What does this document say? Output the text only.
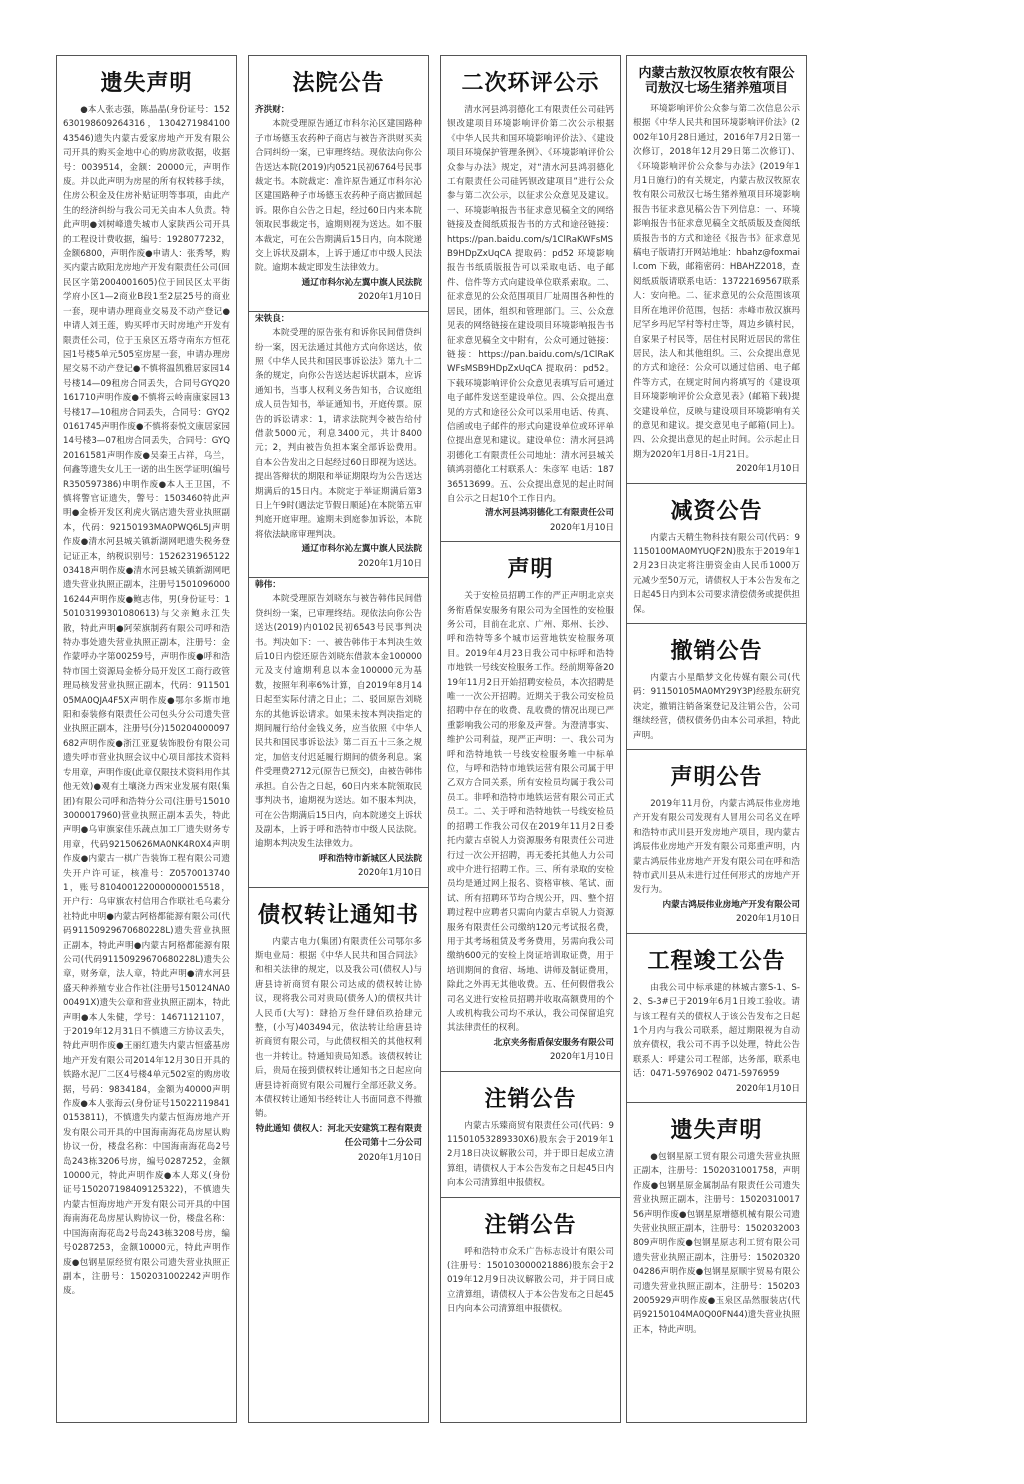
遗失声明
●本人张志强，陈晶晶(身份证号：152630198609264316，130427198410043546)遗失内蒙古爱家房地产开发有限公司开具的购买金地中心的购房款收据，收据号：0039514，金额：20000元，声明作废。并以此声明为房屋的所有权转移手续，住房公积金及住房补贴证明等事项，由此产生的经济纠纷与我公司无关由本人负责。特此声明●刘树峰遗失城市人家陕西公司开具的工程设计费收据，编号：1928077232，金额6800，声明作废●申请人：张秀琴，购买内蒙古欧阳龙房地产开发有限责任公司(回民区字第2004001605)位于回民区太平街学府小区1—2商业B段1至2层25号的商业一套，现申请办理商业交易及不动产登记●申请人刘王莲，购买呼市天时房地产开发有限责任公司，位于玉泉区五塔寺南东方恒花园1号楼5单元505室房屋一套，申请办理房屋交易不动产登记●不慎将温凯雅居家园14号楼14—09租房合同丢失，合同号GYQ20161710声明作废●不慎将云岭南康家园13号楼17—10租房合同丢失，合同号：GYQ20161745声明作废●不慎将泰悦文康居家园14号楼3—07租房合同丢失，合同号：GYQ20161581声明作废●吴秦王占祥，乌兰，何鑫等遗失女儿王一诺的出生医学证明(编号R350597386)申明作废●本人王卫国，不慎将警官证遗失，警号：1503460特此声明●金桥开发区利虎火锅店遗失营业执照副本，代码：92150193MA0PWQ6L5J声明作废●清水河县城关镇新湖网吧遗失税务登记证正本，纳税识别号：152623196512203418声明作废●清水河县城关镇新湖网吧遗失营业执照正副本，注册号150109600016244声明作废●鲍志伟，男(身份证号：150103199301080613)与父亲鲍永江失散，特此声明●阿荣旗制药有限公司呼和浩特办事处遗失营业执照正副本，注册号：金作蒙呼办字第00259号，声明作废●呼和浩特市国土资源局金桥分局开发区工商行政管理局核发营业执照正副本，代码：91150105MA0QJA4F5X声明作废●鄂尔多斯市地阳和泰装修有限责任公司包头分公司遗失营业执照正副本，注册号(分)150204000097682声明作废●浙江亚夏装饰股份有限公司遗失呼市营业执照会议中心项目部技术资料专用章，声明作废(此章仅限技术资料用作其他无效)●观有土壤浇力西宋业发展有限(集团)有限公司呼和浩特分公司(注册号150103000017960)营业执照正副本丢失，特此声明●乌审旗家佳乐蔬点加工厂遗失财务专用章，代码92150626MA0NK4R0X4声明作废●内蒙古一棋广告装饰工程有限公司遗失开户许可证，核准号：Z05700137401，账号8104001220000000015518，开户行：乌审旗农村信用合作联社毛乌素分社特此申明●内蒙古阿格都能源有限公司(代码91150929670680228L)遗失营业执照正副本，特此声明●内蒙古阿格都能源有限公司(代码91150929670680228L)遗失公章，财务章，法人章，特此声明●清水河县盛天种养殖专业合作社(注册号150124NA000491X)遗失公章和营业执照正副本，特此声明●本人朱健，学号：14671121107，于2019年12月31日不慎遗三方协议丢失，特此声明作废●王丽红遗失内蒙古恒盛基房地产开发有限公司2014年12月30日开具的铁路水泥厂二区4号楼4单元502室的购房收据，号码：9834184，金额为40000声明作废●本人张海云(身份证号150221198410153811)，不慎遗失内蒙古恒海房地产开发有限公司开具的中国海南海花岛房屋认购协议一份，楼盘名称：中国海南海花岛2号岛243栋3206号房，编号0287252，金额10000元，特此声明作废●本人郑义(身份证号150207198409125322)，不慎遗失内蒙古恒海房地产开发有限公司开具的中国海南海花岛房屋认购协议一份，楼盘名称：中国海南海花岛2号岛243栋3208号房，编号0287253，金额10000元，特此声明作废●包钢星原经贸有限公司遗失营业执照正副本，注册号：1502031002242声明作废。
法院公告
齐洪财：
本院受理原告通辽市科尔沁区建国路种子市场德玉农药种子商店与被告齐洪财买卖合同纠纷一案，已审理终结。现依法向你公告送达本院(2019)内0521民初6764号民事裁定书。本院裁定：准许原告通辽市科尔沁区建国路种子市场德玉农药种子商店撤回起诉。限你自公告之日起，经过60日内来本院领取民事裁定书，逾期则视为送达。如不服本裁定，可在公告期满后15日内，向本院递交上诉状及副本，上诉于通辽市中级人民法院。逾期本裁定即发生法律效力。
通辽市科尔沁左翼中旗人民法院
2020年1月10日
宋铁良：
本院受理的原告张有和诉你民间借贷纠纷一案，因无法通过其他方式向你送达，依照《中华人民共和国民事诉讼法》第九十二条的规定，向你公告送达起诉状副本，应诉通知书，当事人权利义务告知书，合议庭组成人员告知书，举证通知书，开庭传票。原告的诉讼请求：1，请求法院判令被告给付借款5000元，利息3400元，共计8400元；2，判由被告负担本案全部诉讼费用。自本公告发出之日起经过60日即视为送达。提出答辩状的期限和举证期限均为公告送达期满后的15日内。本院定于举证期满后第3日上午9时(遇法定节假日顺延)在本院第五审判庭开庭审理。逾期未到庭参加诉讼，本院将依法缺席审理判决。
通辽市科尔沁左翼中旗人民法院
2020年1月10日
韩伟：
本院受理原告刘晓东与被告韩伟民间借贷纠纷一案，已审理终结。现依法向你公告送达(2019)内0102民初6543号民事判决书。判决如下：一、被告韩伟于本判决生效后10日内偿还原告刘晓东借款本金100000元及支付逾期利息以本金100000元为基数，按照年利率6%计算，自2019年8月14日起至实际付清之日止；二、驳回原告刘晓东的其他诉讼请求。如果未按本判决指定的期间履行给付金钱义务，应当依照《中华人民共和国民事诉讼法》第二百五十三条之规定，加倍支付迟延履行期间的债务利息。案件受理费2712元(原告已预交)，由被告韩伟承担。自公告之日起，60日内来本院领取民事判决书，逾期视为送达。如不服本判决，可在公告期满后15日内，向本院递交上诉状及副本，上诉于呼和浩特市中级人民法院。逾期本判决发生法律效力。
呼和浩特市新城区人民法院
2020年1月10日
债权转让通知书
内蒙古电力(集团)有限责任公司鄂尔多斯电业局：根据《中华人民共和国合同法》和相关法律的规定，以及我公司(债权人)与唐县诗祈商贸有限公司达成的债权转让协议，现将我公司对贵局(债务人)的债权共计人民币(大写)：肆拾万叁仟肆佰玖拾肆元整，(小写)403494元，依法转让给唐县诗祈商贸有限公司，与此债权相关的其他权利也一并转让。特通知贵局知悉。该债权转让后，贵局在接到债权转让通知书之日起应向唐县诗祈商贸有限公司履行全部还款义务。本债权转让通知书经转让人书面同意不得撤销。
特此通知 债权人：河北天安建筑工程有限责任公司第十二分公司
2020年1月10日
二次环评公示
清水河县鸿羽德化工有限责任公司硅钙钡改建项目环境影响评价第二次公示根据《中华人民共和国环境影响评价法》、《建设项目环境保护管理条例》、《环境影响评价公众参与办法》规定，对“清水河县鸿羽德化工有限责任公司硅钙钡改建项目”进行公众参与第二次公示，以征求公众意见及建议。一、环境影响报告书征求意见稿全文的网络链接及查阅纸质报告书的方式和途径链接：https://pan.baidu.com/s/1ClRaKWFsMSB9HDpZxUqCA 提取码：pd52 环境影响报告书纸质版报告可以采取电话、电子邮件、信件等方式向建设单位联系索取。二、征求意见的公众范围项目厂址周围各种性的居民，团体，组织和管理部门。三、公众意见表的网络链接在建设项目环境影响报告书征求意见稿全文中附有，公众可通过链接：链接：https://pan.baidu.com/s/1ClRaKWFsMSB9HDpZxUqCA 提取码：pd52。下载环境影响评价公众意见表填写后可通过电子邮件发送至建设单位。四、公众提出意见的方式和途径公众可以采用电话、传真、信函或电子邮件的形式向建设单位或环评单位提出意见和建议。建设单位：清水河县鸿羽德化工有限责任公司地址：清水河县城关镇鸿羽德化工村联系人：朱彦军 电话：18736513699。五、公众提出意见的起止时间自公示之日起10个工作日内。
清水河县鸿羽德化工有限责任公司
2020年1月10日
声明
关于安检员招聘工作的严正声明北京夹务衔盾保安服务有限公司为全国性的安检服务公司，目前在北京、广州、郑州、长沙、呼和浩特等多个城市运营地铁安检服务项目。2019年4月23日我公司中标呼和浩特市地铁一号线安检服务工作。经前期筹备2019年11月2日开始招聘安检员，本次招聘是唯一一次公开招聘。近期关于我公司安检员招聘中存在的收费、乱收费的情况出现已严重影响我公司的形象及声誉。为澄清事实、维护公司利益，现严正声明：一、我公司为呼和浩特地铁一号线安检服务唯一中标单位，与呼和浩特市地铁运营有限公司属于甲乙双方合同关系，所有安检员均属于我公司员工。非呼和浩特市地铁运营有限公司正式员工。二、关于呼和浩特地铁一号线安检员的招聘工作我公司仅在2019年11月2日委托内蒙古卓锐人力资源服务有限责任公司进行过一次公开招聘，再无委托其他人力公司或中介进行招聘工作。三、所有录取的安检员均是通过网上报名、资格审核、笔试、面试、所有招聘环节均合规公开，四、整个招聘过程中应聘者只需向内蒙古卓锐人力资源服务有限责任公司缴纳120元考试报名费，用于其考场租赁及考务费用，另需向我公司缴纳600元的安检上岗证培训取证费，用于培训期间的食宿、场地、讲师及制证费用，除此之外再无其他收费。五、任何假借我公司名义进行安检员招聘并收取高额费用的个人或机构我公司均不承认，我公司保留追究其法律责任的权利。
北京夹务衔盾保安服务有限公司
2020年1月10日
注销公告
内蒙古乐臻商贸有限责任公司(代码：911501053289330X6)股东会于2019年12月18日决议解散公司，并于即日起成立清算组，请债权人于本公告发布之日起45日内向本公司清算组申报债权。
注销公告
呼和浩特市众禾广告标志设计有限公司(注册号：150103000021886)股东会于2019年12月9日决议解散公司，并于同日成立清算组，请债权人于本公告发布之日起45日内向本公司清算组申报债权。
内蒙古敖汉牧原农牧有限公司敖汉七场生猪养殖项目
环境影响评价公众参与第二次信息公示根据《中华人民共和国环境影响评价法》(2002年10月28日通过，2016年7月2日第一次修订，2018年12月29日第二次修订)、《环境影响评价公众参与办法》(2019年1月1日施行)的有关规定，内蒙古敖汉牧原农牧有限公司敖汉七场生猪养殖项目环境影响报告书征求意见稿公告下列信息：一、环境影响报告书征求意见稿全文纸质版及查阅纸质报告书的方式和途径《报告书》征求意见稿电子版请打开网站地址：hbahz@foxmail.com 下载，邮箱密码：HBAHZ2018，查阅纸质版请联系电话：13722169567联系人：安向艳。二、征求意见的公众范围该项目所在地评价范围，包括：赤峰市敖汉旗玛尼罕乡玛尼罕村等村庄等，周边乡镇村民，自家果子村民等，居住村民附近居民的常住居民，法人和其他组织。三、公众提出意见的方式和途径：公众可以通过信函、电子邮件等方式，在规定时间内将填写的《建设项目环境影响评价公众意见表》(邮箱下载)提交建设单位，反映与建设项目环境影响有关的意见和建议。提交意见电子邮箱(同上)。四、公众提出意见的起止时间。公示起止日期为2020年1月8日-1月21日。
2020年1月10日
减资公告
内蒙古天精生物科技有限公司(代码：91150100MA0MYUQF2N)股东于2019年12月23日决定将注册资金由人民币1000万元减少至50万元，请债权人于本公告发布之日起45日内到本公司要求清偿债务或提供担保。
撤销公告
内蒙古小星酷梦文化传媒有限公司(代码：91150105MA0MY29Y3P)经股东研究决定，撤销注销备案登记及注销公告，公司继续经营，债权债务仍由本公司承担，特此声明。
声明公告
2019年11月份，内蒙古鸿辰伟业房地产开发有限公司发现有人冒用公司名义在呼和浩特市武川县开发房地产项目，现内蒙古鸿辰伟业房地产开发有限公司郑重声明，内蒙古鸿辰伟业房地产开发有限公司在呼和浩特市武川县从未进行过任何形式的房地产开发行为。
内蒙古鸿辰伟业房地产开发有限公司
2020年1月10日
工程竣工公告
由我公司中标承建的林城古寨S-1、S-2、S-3#已于2019年6月1日竣工验收。请与该工程有关的债权人于该公告发布之日起1个月内与我公司联系，超过期限视为自动放弃债权，我公司不再予以处理，特此公告 联系人：呼建公司工程部，达务部，联系电话：0471-5976902 0471-5976959
2020年1月10日
遗失声明
●包钢星原工贸有限公司遗失营业执照正副本，注册号：1502031001758，声明作废●包钢星原金属制品有限责任公司遗失营业执照正副本，注册号：1502031001756声明作废●包钢星原增德机械有限公司遗失营业执照正副本，注册号：1502032003809声明作废●包钢星原志利工贸有限公司遗失营业执照正副本，注册号：1502032004286声明作废●包钢星原顺宇贸易有限公司遗失营业执照正副本，注册号：1502032005929声明作废●玉泉区品然服装店(代码92150104MA0Q00FN44)遗失营业执照正本，特此声明。
